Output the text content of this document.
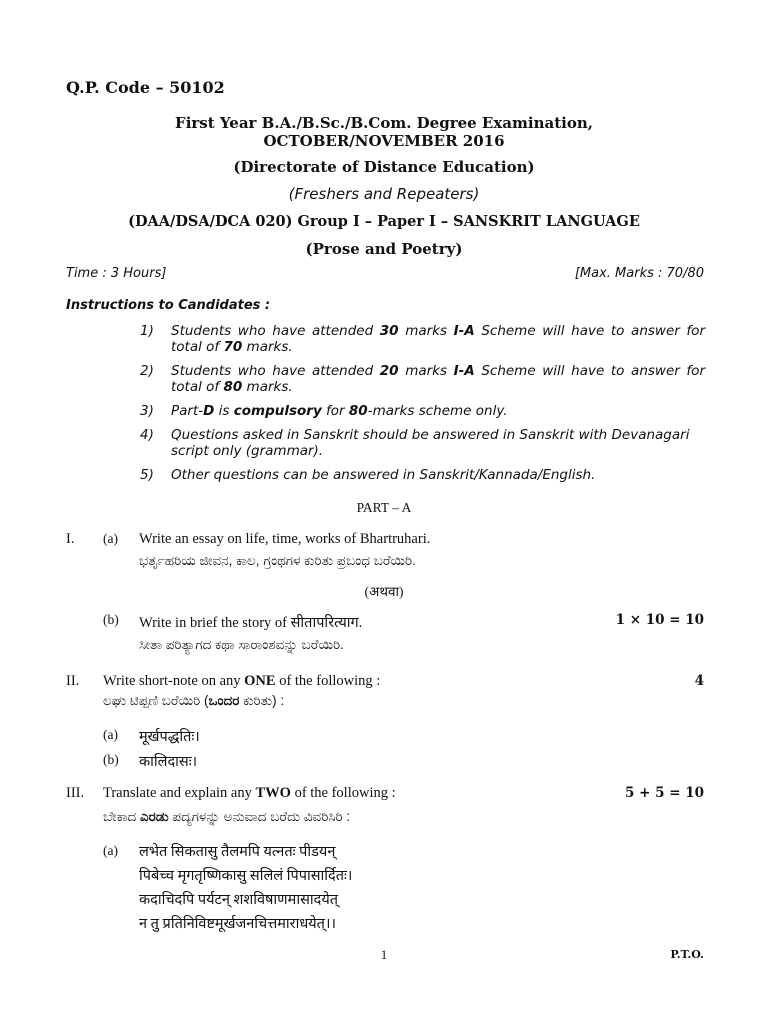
Q.P. Code – 50102
First Year B.A./B.Sc./B.Com. Degree Examination,
OCTOBER/NOVEMBER 2016
(Directorate of Distance Education)
(Freshers and Repeaters)
(DAA/DSA/DCA 020) Group I – Paper I – SANSKRIT LANGUAGE
(Prose and Poetry)
Time : 3 Hours]	[Max. Marks : 70/80
Instructions to Candidates :
1) Students who have attended 30 marks I-A Scheme will have to answer for total of 70 marks.
2) Students who have attended 20 marks I-A Scheme will have to answer for total of 80 marks.
3) Part-D is compulsory for 80-marks scheme only.
4) Questions asked in Sanskrit should be answered in Sanskrit with Devanagari script only (grammar).
5) Other questions can be answered in Sanskrit/Kannada/English.
PART – A
I. (a) Write an essay on life, time, works of Bhartruhari.
ಭರ್ತೃಹರಿಯ ಜೀವನ, ಕಾಲ, ಗ್ರಂಥಗಳ ಕುರಿತು ಪ್ರಬಂಧ ಬರೆಯಿರಿ.
(अथवा)
(b) Write in brief the story of सीतापरित्याग.	1 × 10 = 10
ಸೀತಾ ಪರಿತ್ಯಾಗದ ಕಥಾ ಸಾರಾಂಶವನ್ನು ಬರೆಯಿರಿ.
II. Write short-note on any ONE of the following :	4
ಲಘು ಟಿಪ್ಪಣಿ ಬರೆಯಿರಿ (ಒಂದರ ಕುರಿತು) :
(a) मूर्खपद्धतिः।
(b) कालिदासः।
III. Translate and explain any TWO of the following :	5 + 5 = 10
ಬೇಕಾದ ಎರಡು ಪದ್ಯಗಳನ್ನು ಅನುವಾದ ಬರೆದು ವಿವರಿಸಿರಿ :
(a) लभेत सिकतासु तैलमपि यत्नतः पीडयन्
पिबेच्च मृगतृष्णिकासु सलिलं पिपासार्दितः।
कदाचिदपि पर्यटन् शशविषाणमासादयेत्
न तु प्रतिनिविष्टमूर्खजनचित्तमाराधयेत्।।
1	P.T.O.
